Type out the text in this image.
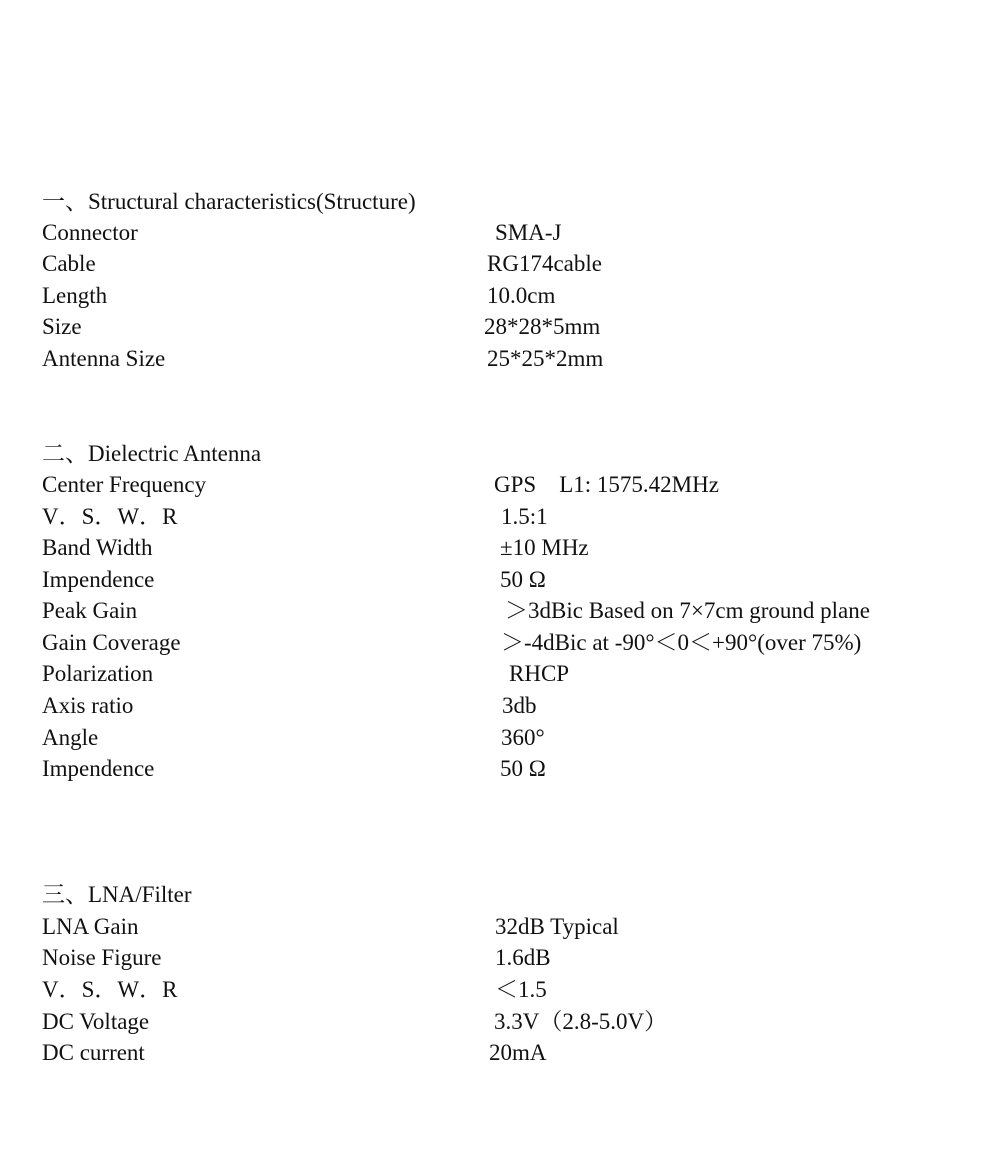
一、Structural characteristics(Structure)
Connector	SMA-J
Cable	RG174cable
Length	10.0cm
Size	28*28*5mm
Antenna Size	25*25*2mm
二、Dielectric Antenna
Center Frequency	GPS    L1: 1575.42MHz
V．S．W．R	1.5:1
Band Width	±10 MHz
Impendence	50 Ω
Peak Gain	＞3dBic Based on 7×7cm ground plane
Gain Coverage	＞-4dBic at -90°＜0＜+90°(over 75%)
Polarization	RHCP
Axis ratio	3db
Angle	360°
Impendence	50 Ω
三、LNA/Filter
LNA Gain	32dB Typical
Noise Figure	1.6dB
V．S．W．R	＜1.5
DC Voltage	3.3V（2.8-5.0V）
DC current	20mA
